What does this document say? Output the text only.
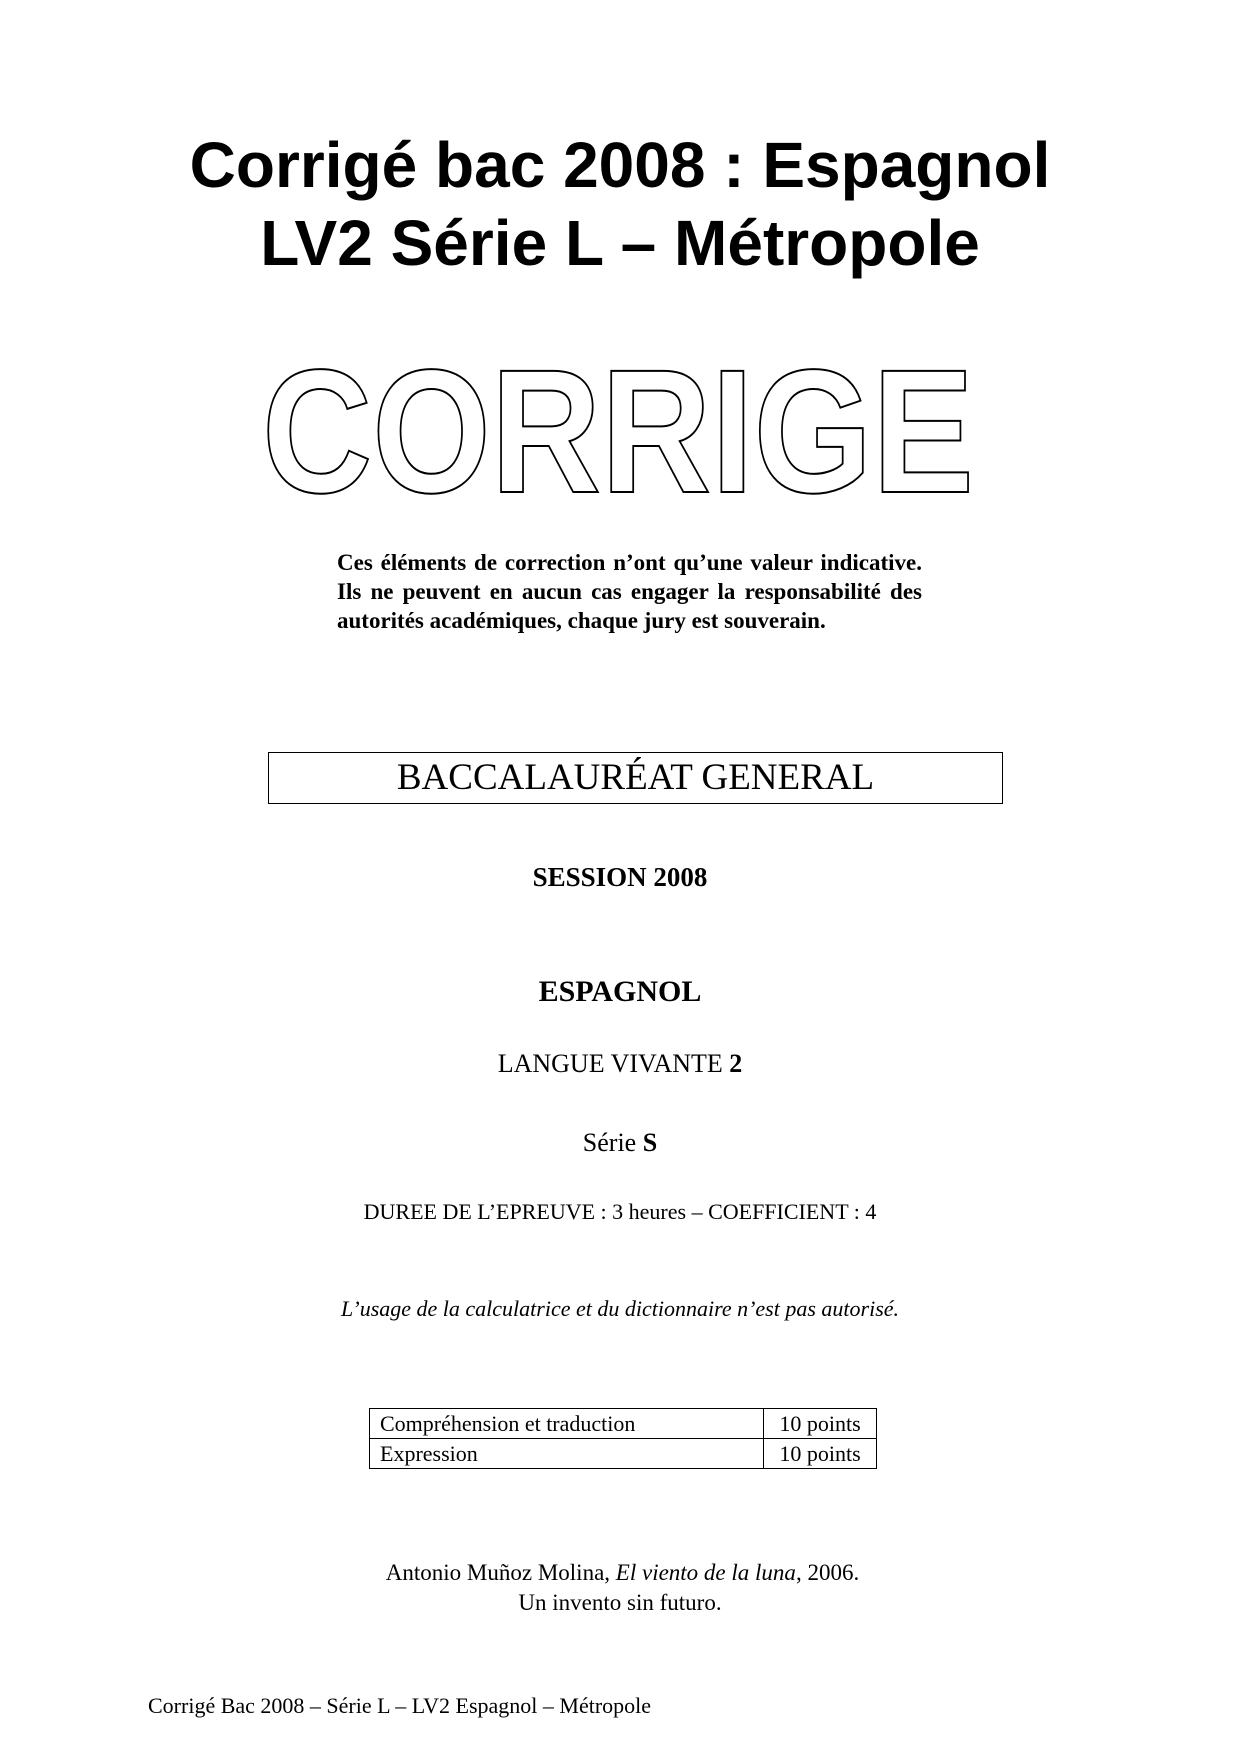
Corrigé bac 2008 : Espagnol
LV2 Série L – Métropole
CORRIGE

Ces éléments de correction n’ont qu’une valeur indicative. Ils ne peuvent en aucun cas engager la responsabilité des autorités académiques, chaque jury est souverain.

BACCALAURÉAT GENERAL

SESSION 2008

ESPAGNOL

LANGUE VIVANTE 2

Série S

DUREE DE L’EPREUVE : 3 heures – COEFFICIENT : 4

L’usage de la calculatrice et du dictionnaire n’est pas autorisé.

Compréhension et traduction	10 points
Expression	10 points
Antonio Muñoz Molina, El viento de la luna, 2006.
Un invento sin futuro.
Corrigé Bac 2008 – Série L – LV2 Espagnol – Métropole
